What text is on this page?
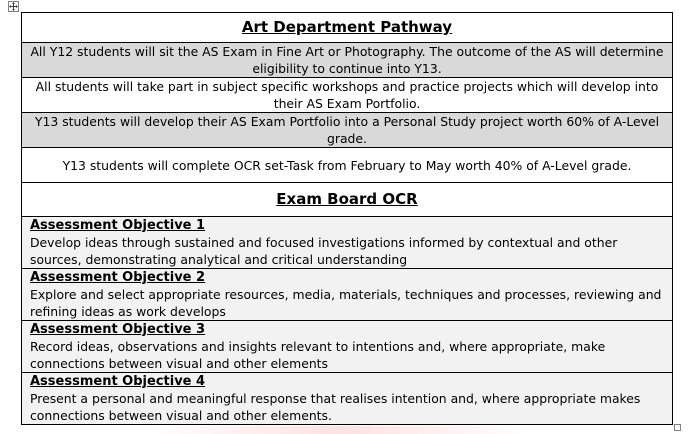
Art Department Pathway
All Y12 students will sit the AS Exam in Fine Art or Photography. The outcome of the AS will determine eligibility to continue into Y13.
All students will take part in subject specific workshops and practice projects which will develop into their AS Exam Portfolio.
Y13 students will develop their AS Exam Portfolio into a Personal Study project worth 60% of A-Level grade.
Y13 students will complete OCR set-Task from February to May worth 40% of A-Level grade.
Exam Board OCR

Assessment Objective 1
Develop ideas through sustained and focused investigations informed by contextual and other sources, demonstrating analytical and critical understanding

Assessment Objective 2
Explore and select appropriate resources, media, materials, techniques and processes, reviewing and refining ideas as work develops

Assessment Objective 3
Record ideas, observations and insights relevant to intentions and, where appropriate, make connections between visual and other elements

Assessment Objective 4
Present a personal and meaningful response that realises intention and, where appropriate makes connections between visual and other elements.
